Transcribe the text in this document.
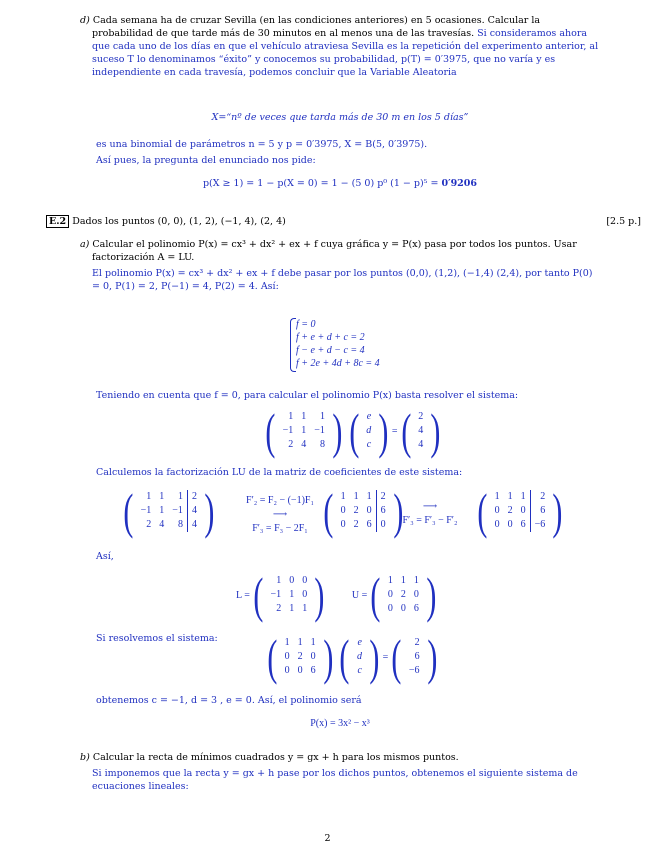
d) Cada semana ha de cruzar Sevilla (en las condiciones anteriores) en 5 ocasiones. Calcular la probabilidad de que tarde más de 30 minutos en al menos una de las travesías. Si consideramos ahora que cada uno de los días en que el vehículo atraviesa Sevilla es la repetición del experimento anterior, al suceso T lo denominamos “éxito” y conocemos su probabilidad, p(T) = 0′3975, que no varía y es independiente en cada travesía, podemos concluir que la Variable Aleatoria
X=“nº de veces que tarda más de 30 m en los 5 días”
es una binomial de parámetros n = 5 y p = 0′3975, X = B(5, 0′3975).
Así pues, la pregunta del enunciado nos pide:
p(X ≥ 1) = 1 − p(X = 0) = 1 − (5 0) p⁰ (1 − p)⁵ = 0′9206
E.2 Dados los puntos (0, 0), (1, 2), (−1, 4), (2, 4)	[2.5 p.]
a) Calcular el polinomio P(x) = cx³ + dx² + ex + f cuya gráfica y = P(x) pasa por todos los puntos. Usar factorización A = LU.
El polinomio P(x) = cx³ + dx² + ex + f debe pasar por los puntos (0,0), (1,2), (−1,4) (2,4), por tanto P(0) = 0, P(1) = 2, P(−1) = 4, P(2) = 4. Así:
f = 0
f + e + d + c = 2
f − e + d − c = 4
f + 2e + 4d + 8c = 4
Teniendo en cuenta que f = 0, para calcular el polinomio P(x) basta resolver el sistema:
( 1	1	1
−1	1	−1
2	4	8 ) ( e
d
c ) = ( 2
4
4 )
Calculemos la factorización LU de la matriz de coeficientes de este sistema:
( 1	1	1	2
−1	1	−1	4
2	4	8	4 )	F′₂ = F₂ − (−1)F₁
⟶
F′₃ = F₃ − 2F₁ ( 1	1	1	2
0	2	0	6
0	2	6	0 )	⟶
F′₃ = F′₃ − F′₂ ( 1	1	1	2
0	2	0	6
0	0	6	−6 )
Así,
L = ( 1	0	0
−1	1	0
2	1	1 )	U = ( 1	1	1
0	2	0
0	0	6 )
Si resolvemos el sistema: ( 1	1	1
0	2	0
0	0	6 ) ( e
d
c ) = ( 2
6
−6 )
obtenemos c = −1, d = 3 , e = 0. Así, el polinomio será
P(x) = 3x² − x³
b) Calcular la recta de mínimos cuadrados y = gx + h para los mismos puntos.
Si imponemos que la recta y = gx + h pase por los dichos puntos, obtenemos el siguiente sistema de ecuaciones lineales:
2
